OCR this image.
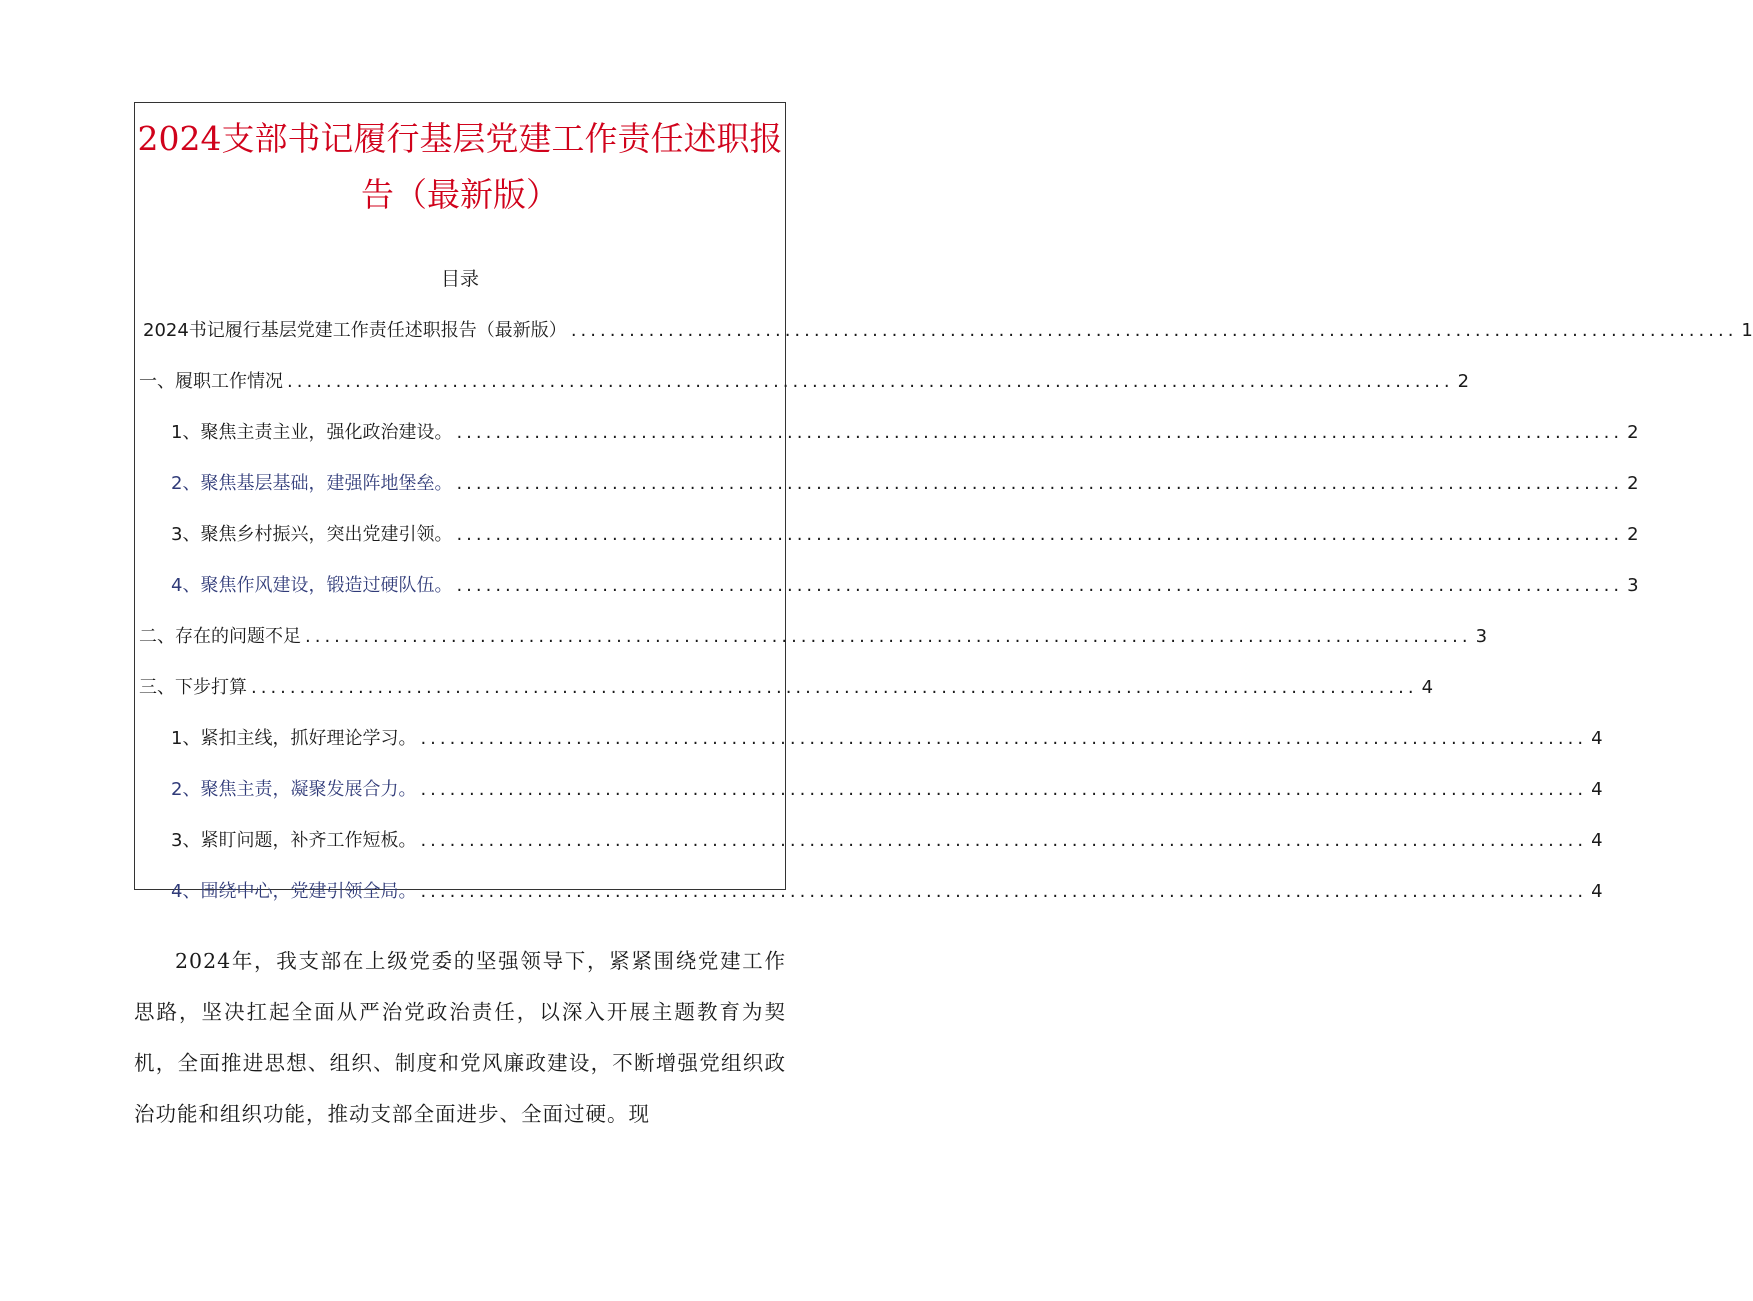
2024支部书记履行基层党建工作责任述职报告（最新版）
目录
2024书记履行基层党建工作责任述职报告（最新版） ........................................................................................................................ 1
一、履职工作情况 ........................................................................................................................ 2
1、聚焦主责主业，强化政治建设。 ........................................................................................................................ 2
2、聚焦基层基础，建强阵地堡垒。 ........................................................................................................................ 2
3、聚焦乡村振兴，突出党建引领。 ........................................................................................................................ 2
4、聚焦作风建设，锻造过硬队伍。 ........................................................................................................................ 3
二、存在的问题不足 ........................................................................................................................ 3
三、下步打算 ........................................................................................................................ 4
1、紧扣主线，抓好理论学习。 ........................................................................................................................ 4
2、聚焦主责，凝聚发展合力。 ........................................................................................................................ 4
3、紧盯问题，补齐工作短板。 ........................................................................................................................ 4
4、围绕中心，党建引领全局。 ........................................................................................................................ 4

2024年，我支部在上级党委的坚强领导下，紧紧围绕党建工作思路，坚决扛起全面从严治党政治责任，以深入开展主题教育为契机，全面推进思想、组织、制度和党风廉政建设，不断增强党组织政治功能和组织功能，推动支部全面进步、全面过硬。现
